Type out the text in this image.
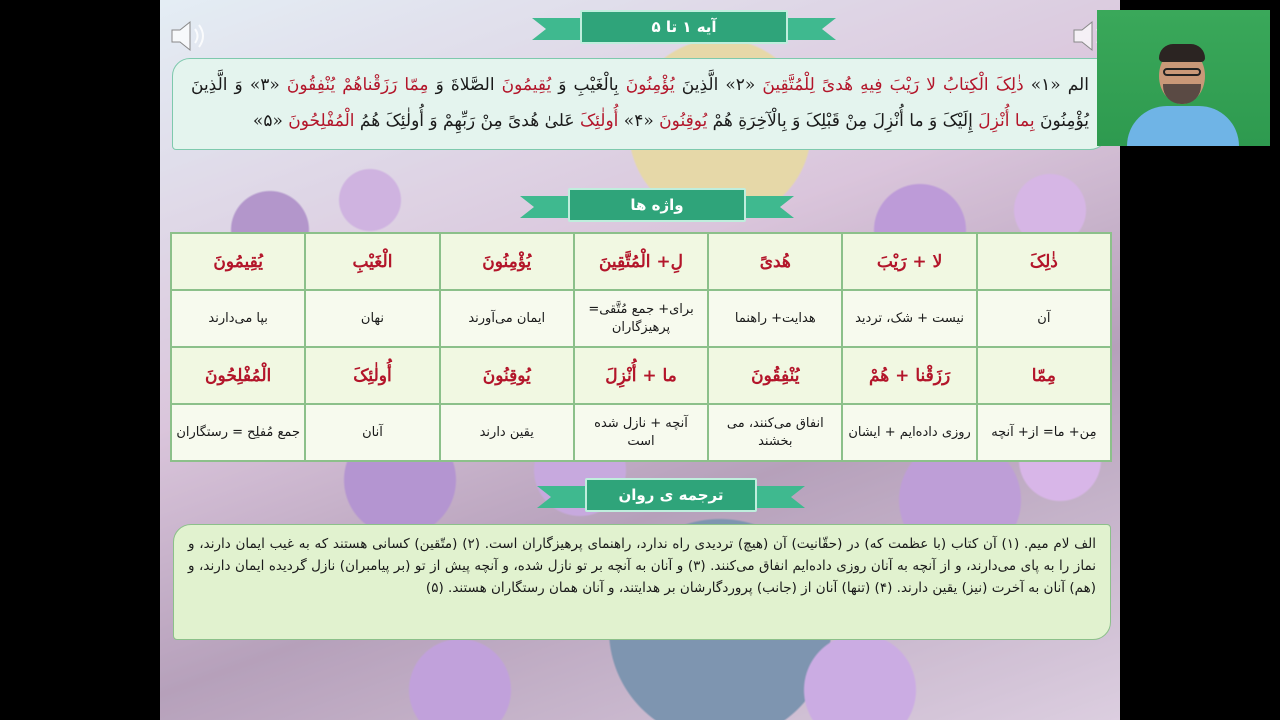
آیه ۱ تا ۵
الم «۱» ذٰلِکَ الْکِتابُ لا رَیْبَ فِیهِ هُدیً لِلْمُتَّقِینَ «۲» الَّذِینَ یُؤْمِنُونَ بِالْغَیْبِ وَ یُقِیمُونَ الصَّلاةَ وَ مِمّا رَزَقْناهُمْ یُنْفِقُونَ «۳» وَ الَّذِینَ یُؤْمِنُونَ بِما أُنْزِلَ إِلَیْکَ وَ ما أُنْزِلَ مِنْ قَبْلِکَ وَ بِالْآخِرَةِ هُمْ یُوقِنُونَ «۴» أُولٰئِکَ عَلیٰ هُدیً مِنْ رَبِّهِمْ وَ أُولٰئِکَ هُمُ الْمُفْلِحُونَ «۵»
واژه ها
ذٰلِکَ	لا + رَیْبَ	هُدیً	لِ+ الْمُتَّقِینَ	یُؤْمِنُونَ	الْغَیْبِ	یُقِیمُونَ
آن	نیست + شک، تردید	هدایت+ راهنما	برای+ جمع مُتَّقی= پرهیزگاران	ایمان می‌آورند	نهان	بپا می‌دارند
مِمّا	رَزَقْنا + هُمْ	یُنْفِقُونَ	ما + أُنْزِلَ	یُوقِنُونَ	أُولٰئِکَ	الْمُفْلِحُونَ
مِن+ ما= از+ آنچه	روزی داده‌ایم + ایشان	انفاق می‌کنند، می بخشند	آنچه + نازل شده است	یقین دارند	آنان	جمع مُفلِح = رستگاران
ترجمه ی روان
الف لام میم. (۱) آن کتاب (با عظمت که) در (حقّانیت) آن (هیچ) تردیدی راه ندارد، راهنمای پرهیزگاران است. (۲) (متّقین) کسانی هستند که به غیب ایمان دارند، و نماز را به پای می‌دارند، و از آنچه به آنان روزی داده‌ایم انفاق می‌کنند. (۳) و آنان به آنچه بر تو نازل شده، و آنچه پیش از تو (بر پیامبران) نازل گردیده ایمان دارند، و (هم) آنان به آخرت (نیز) یقین دارند. (۴) (تنها) آنان از (جانب) پروردگارشان بر هدایتند، و آنان همان رستگاران هستند. (۵)
